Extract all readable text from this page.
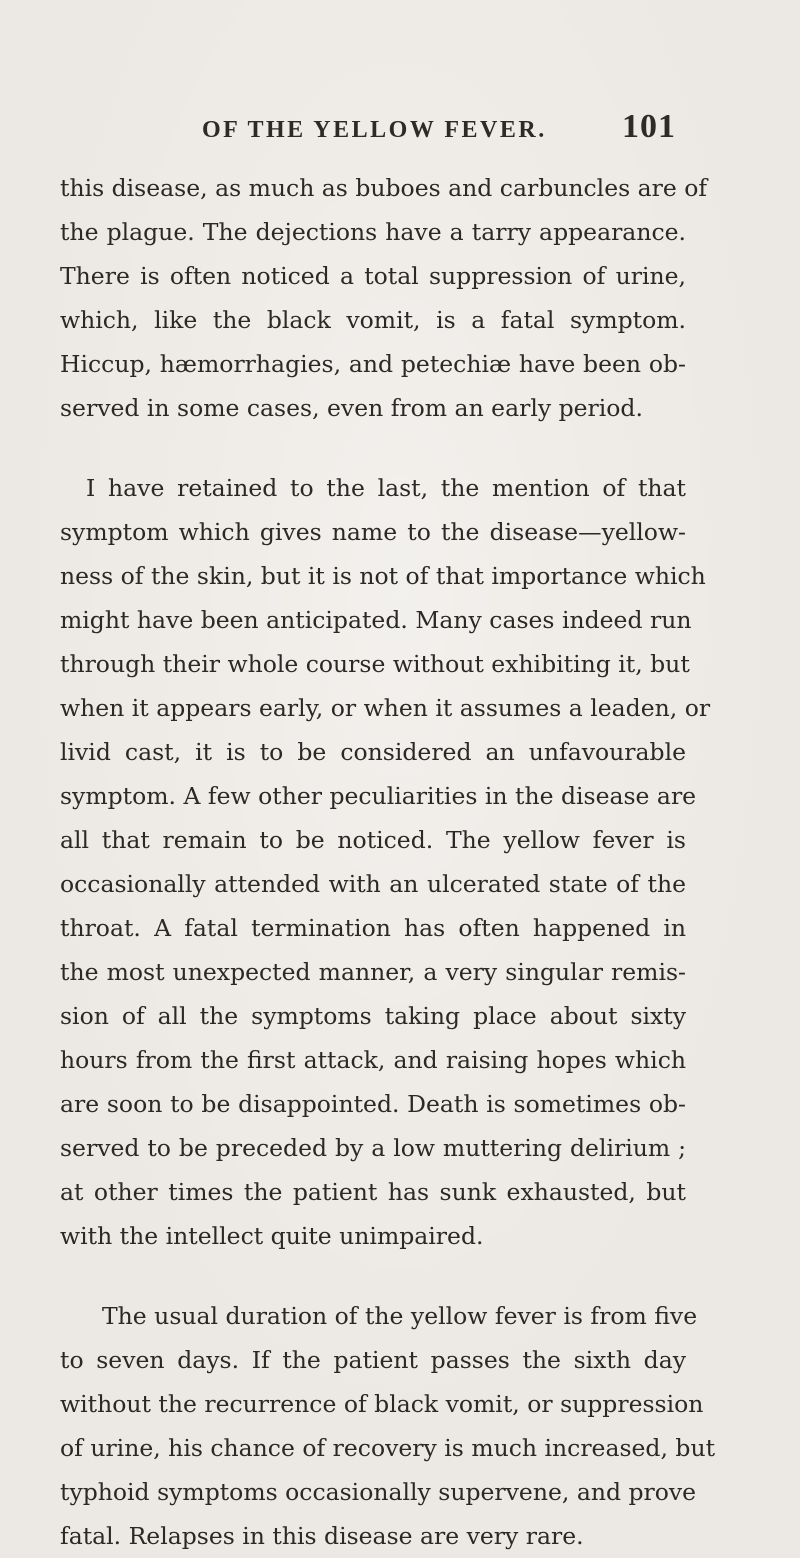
OF THE YELLOW FEVER. 101
this disease, as much as buboes and carbuncles are of
the plague. The dejections have a tarry appearance.
There is often noticed a total suppression of urine,
which, like the black vomit, is a fatal symptom.
Hiccup, hæmorrhagies, and petechiæ have been ob-
served in some cases, even from an early period.
I have retained to the last, the mention of that
symptom which gives name to the disease—yellow-
ness of the skin, but it is not of that importance which
might have been anticipated. Many cases indeed run
through their whole course without exhibiting it, but
when it appears early, or when it assumes a leaden, or
livid cast, it is to be considered an unfavourable
symptom. A few other peculiarities in the disease are
all that remain to be noticed. The yellow fever is
occasionally attended with an ulcerated state of the
throat. A fatal termination has often happened in
the most unexpected manner, a very singular remis-
sion of all the symptoms taking place about sixty
hours from the first attack, and raising hopes which
are soon to be disappointed. Death is sometimes ob-
served to be preceded by a low muttering delirium ;
at other times the patient has sunk exhausted, but
with the intellect quite unimpaired.
The usual duration of the yellow fever is from five
to seven days. If the patient passes the sixth day
without the recurrence of black vomit, or suppression
of urine, his chance of recovery is much increased, but
typhoid symptoms occasionally supervene, and prove
fatal. Relapses in this disease are very rare.
